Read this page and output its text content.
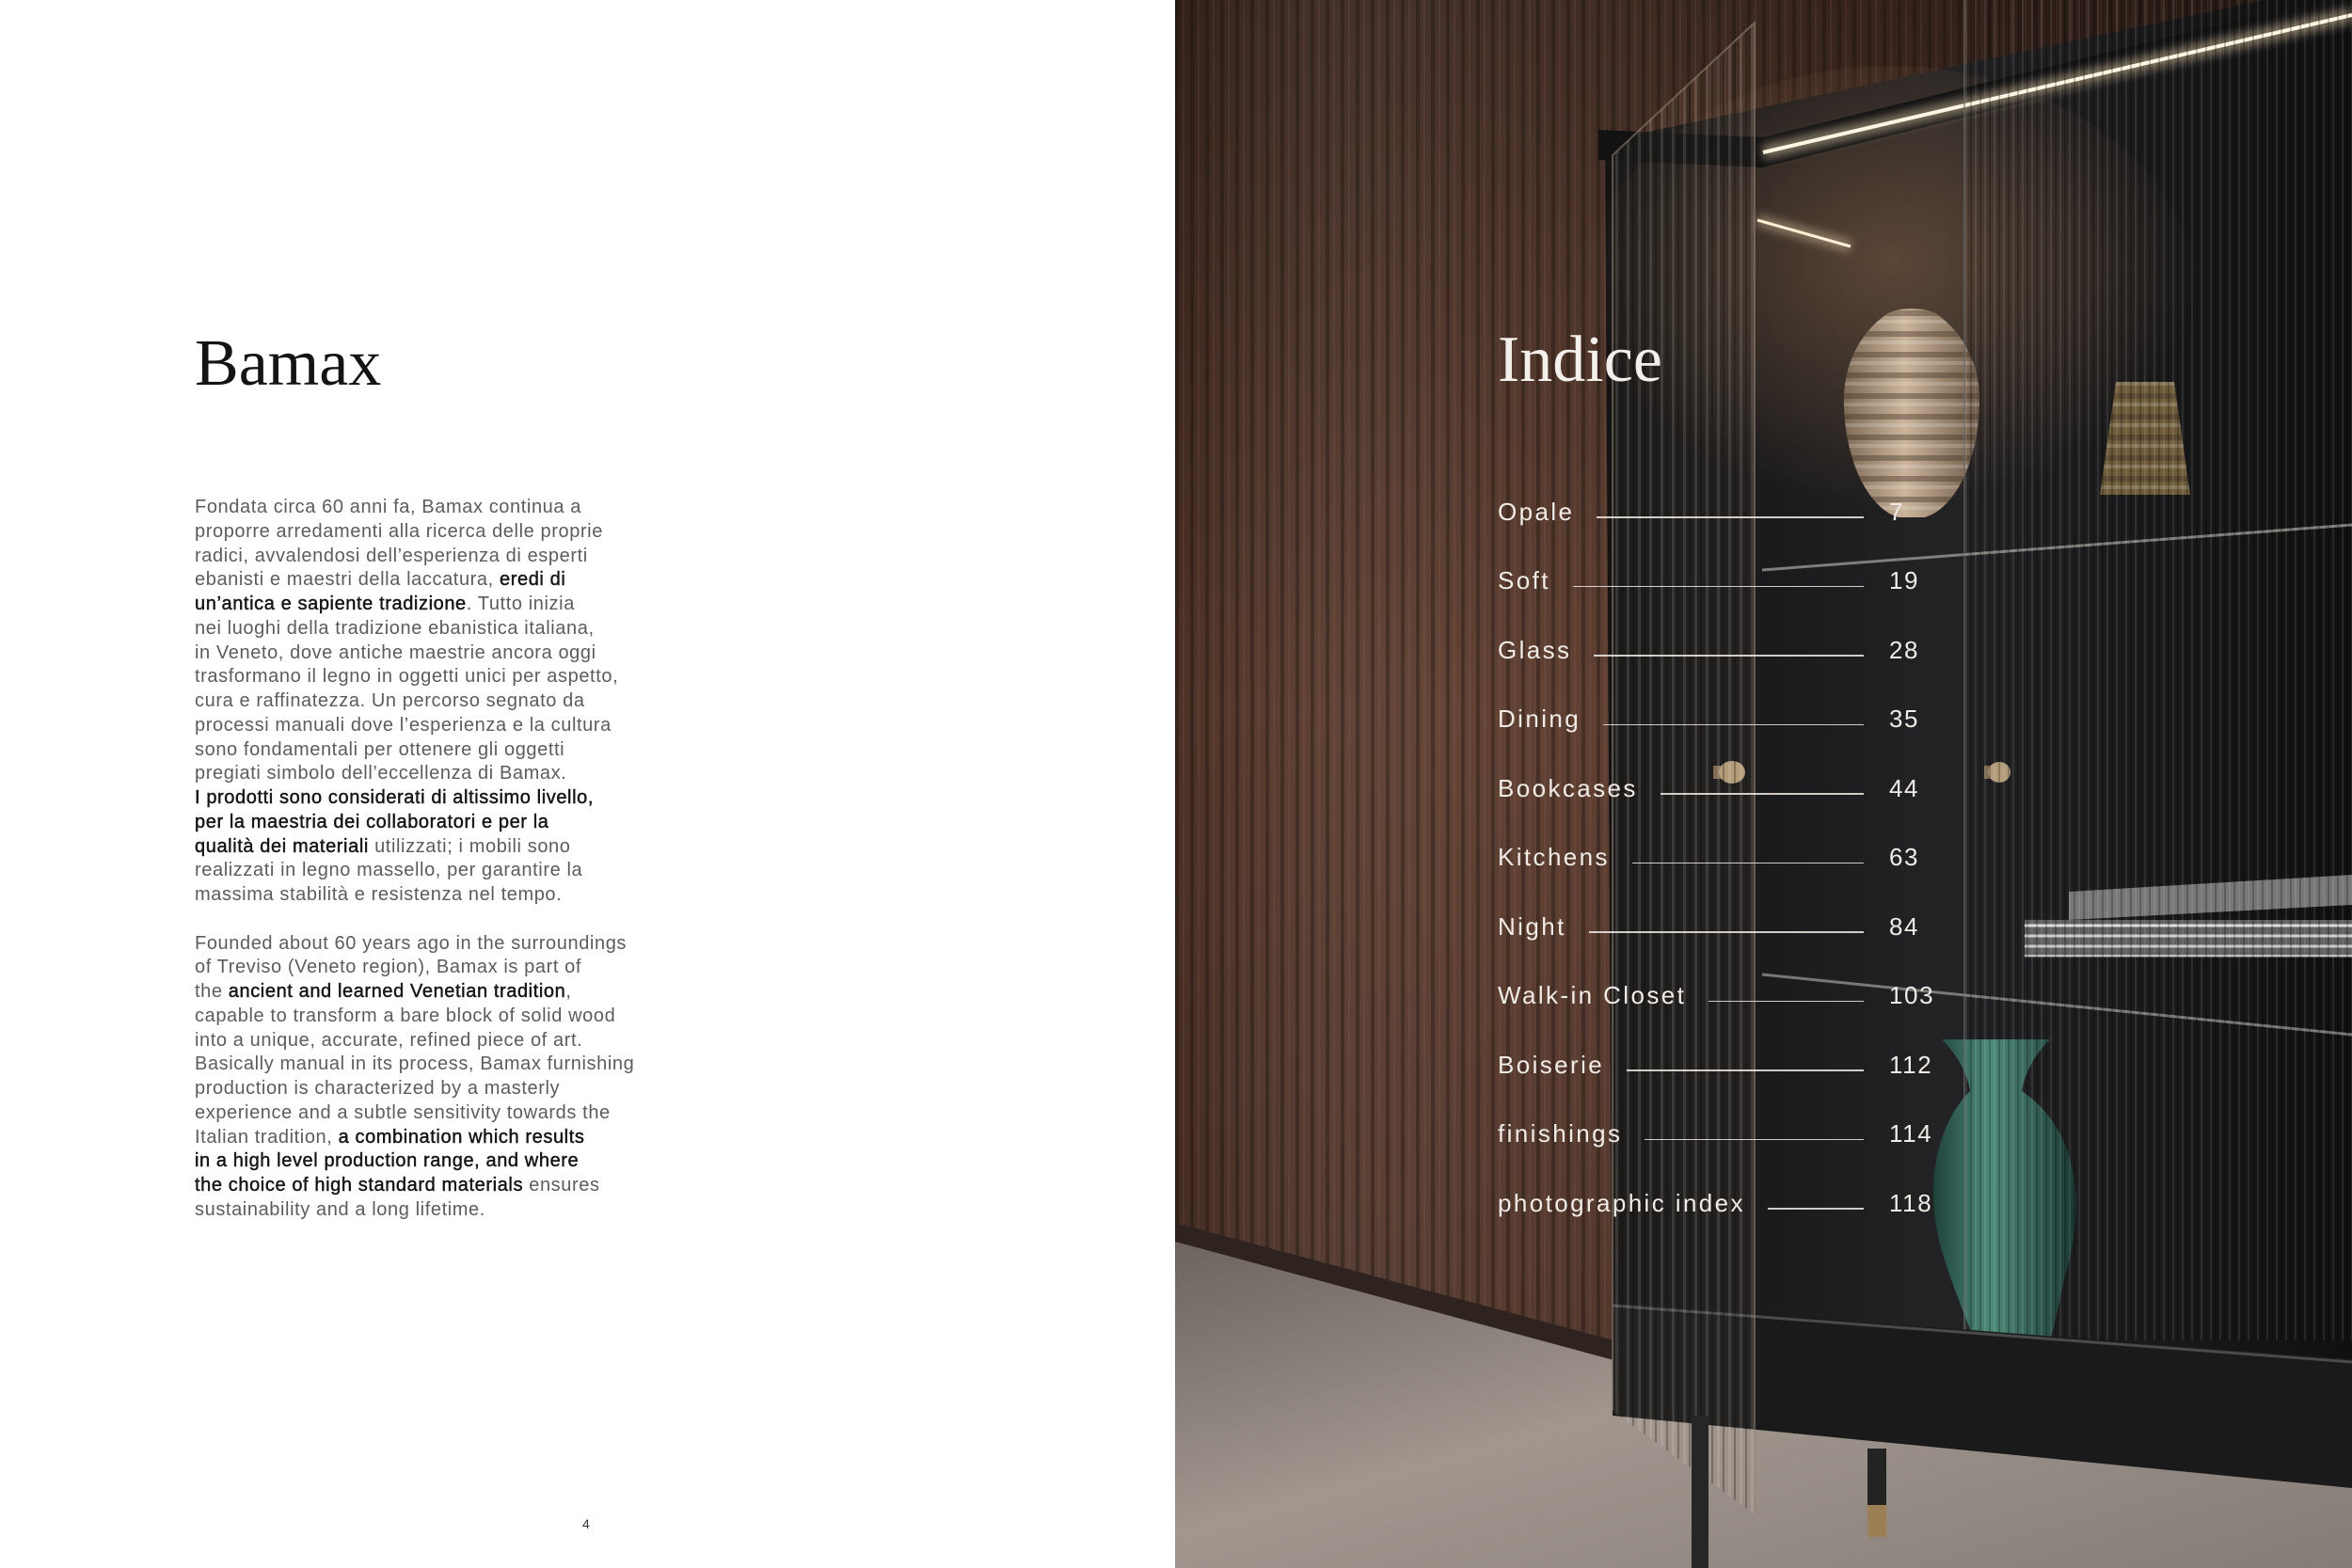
Bamax
Fondata circa 60 anni fa, Bamax continua a
proporre arredamenti alla ricerca delle proprie
radici, avvalendosi dell’esperienza di esperti
ebanisti e maestri della laccatura, eredi di
un’antica e sapiente tradizione. Tutto inizia
nei luoghi della tradizione ebanistica italiana,
in Veneto, dove antiche maestrie ancora oggi
trasformano il legno in oggetti unici per aspetto,
cura e raffinatezza. Un percorso segnato da
processi manuali dove l’esperienza e la cultura
sono fondamentali per ottenere gli oggetti
pregiati simbolo dell’eccellenza di Bamax.
I prodotti sono considerati di altissimo livello,
per la maestria dei collaboratori e per la
qualità dei materiali utilizzati; i mobili sono
realizzati in legno massello, per garantire la
massima stabilità e resistenza nel tempo.
Founded about 60 years ago in the surroundings
of Treviso (Veneto region), Bamax is part of
the ancient and learned Venetian tradition,
capable to transform a bare block of solid wood
into a unique, accurate, refined piece of art.
Basically manual in its process, Bamax furnishing
production is characterized by a masterly
experience and a subtle sensitivity towards the
Italian tradition, a combination which results
in a high level production range, and where
the choice of high standard materials ensures
sustainability and a long lifetime.
4
Indice
Opale	7
Soft	19
Glass	28
Dining	35
Bookcases	44
Kitchens	63
Night	84
Walk-in Closet	103
Boiserie	112
finishings	114
photographic index	118
